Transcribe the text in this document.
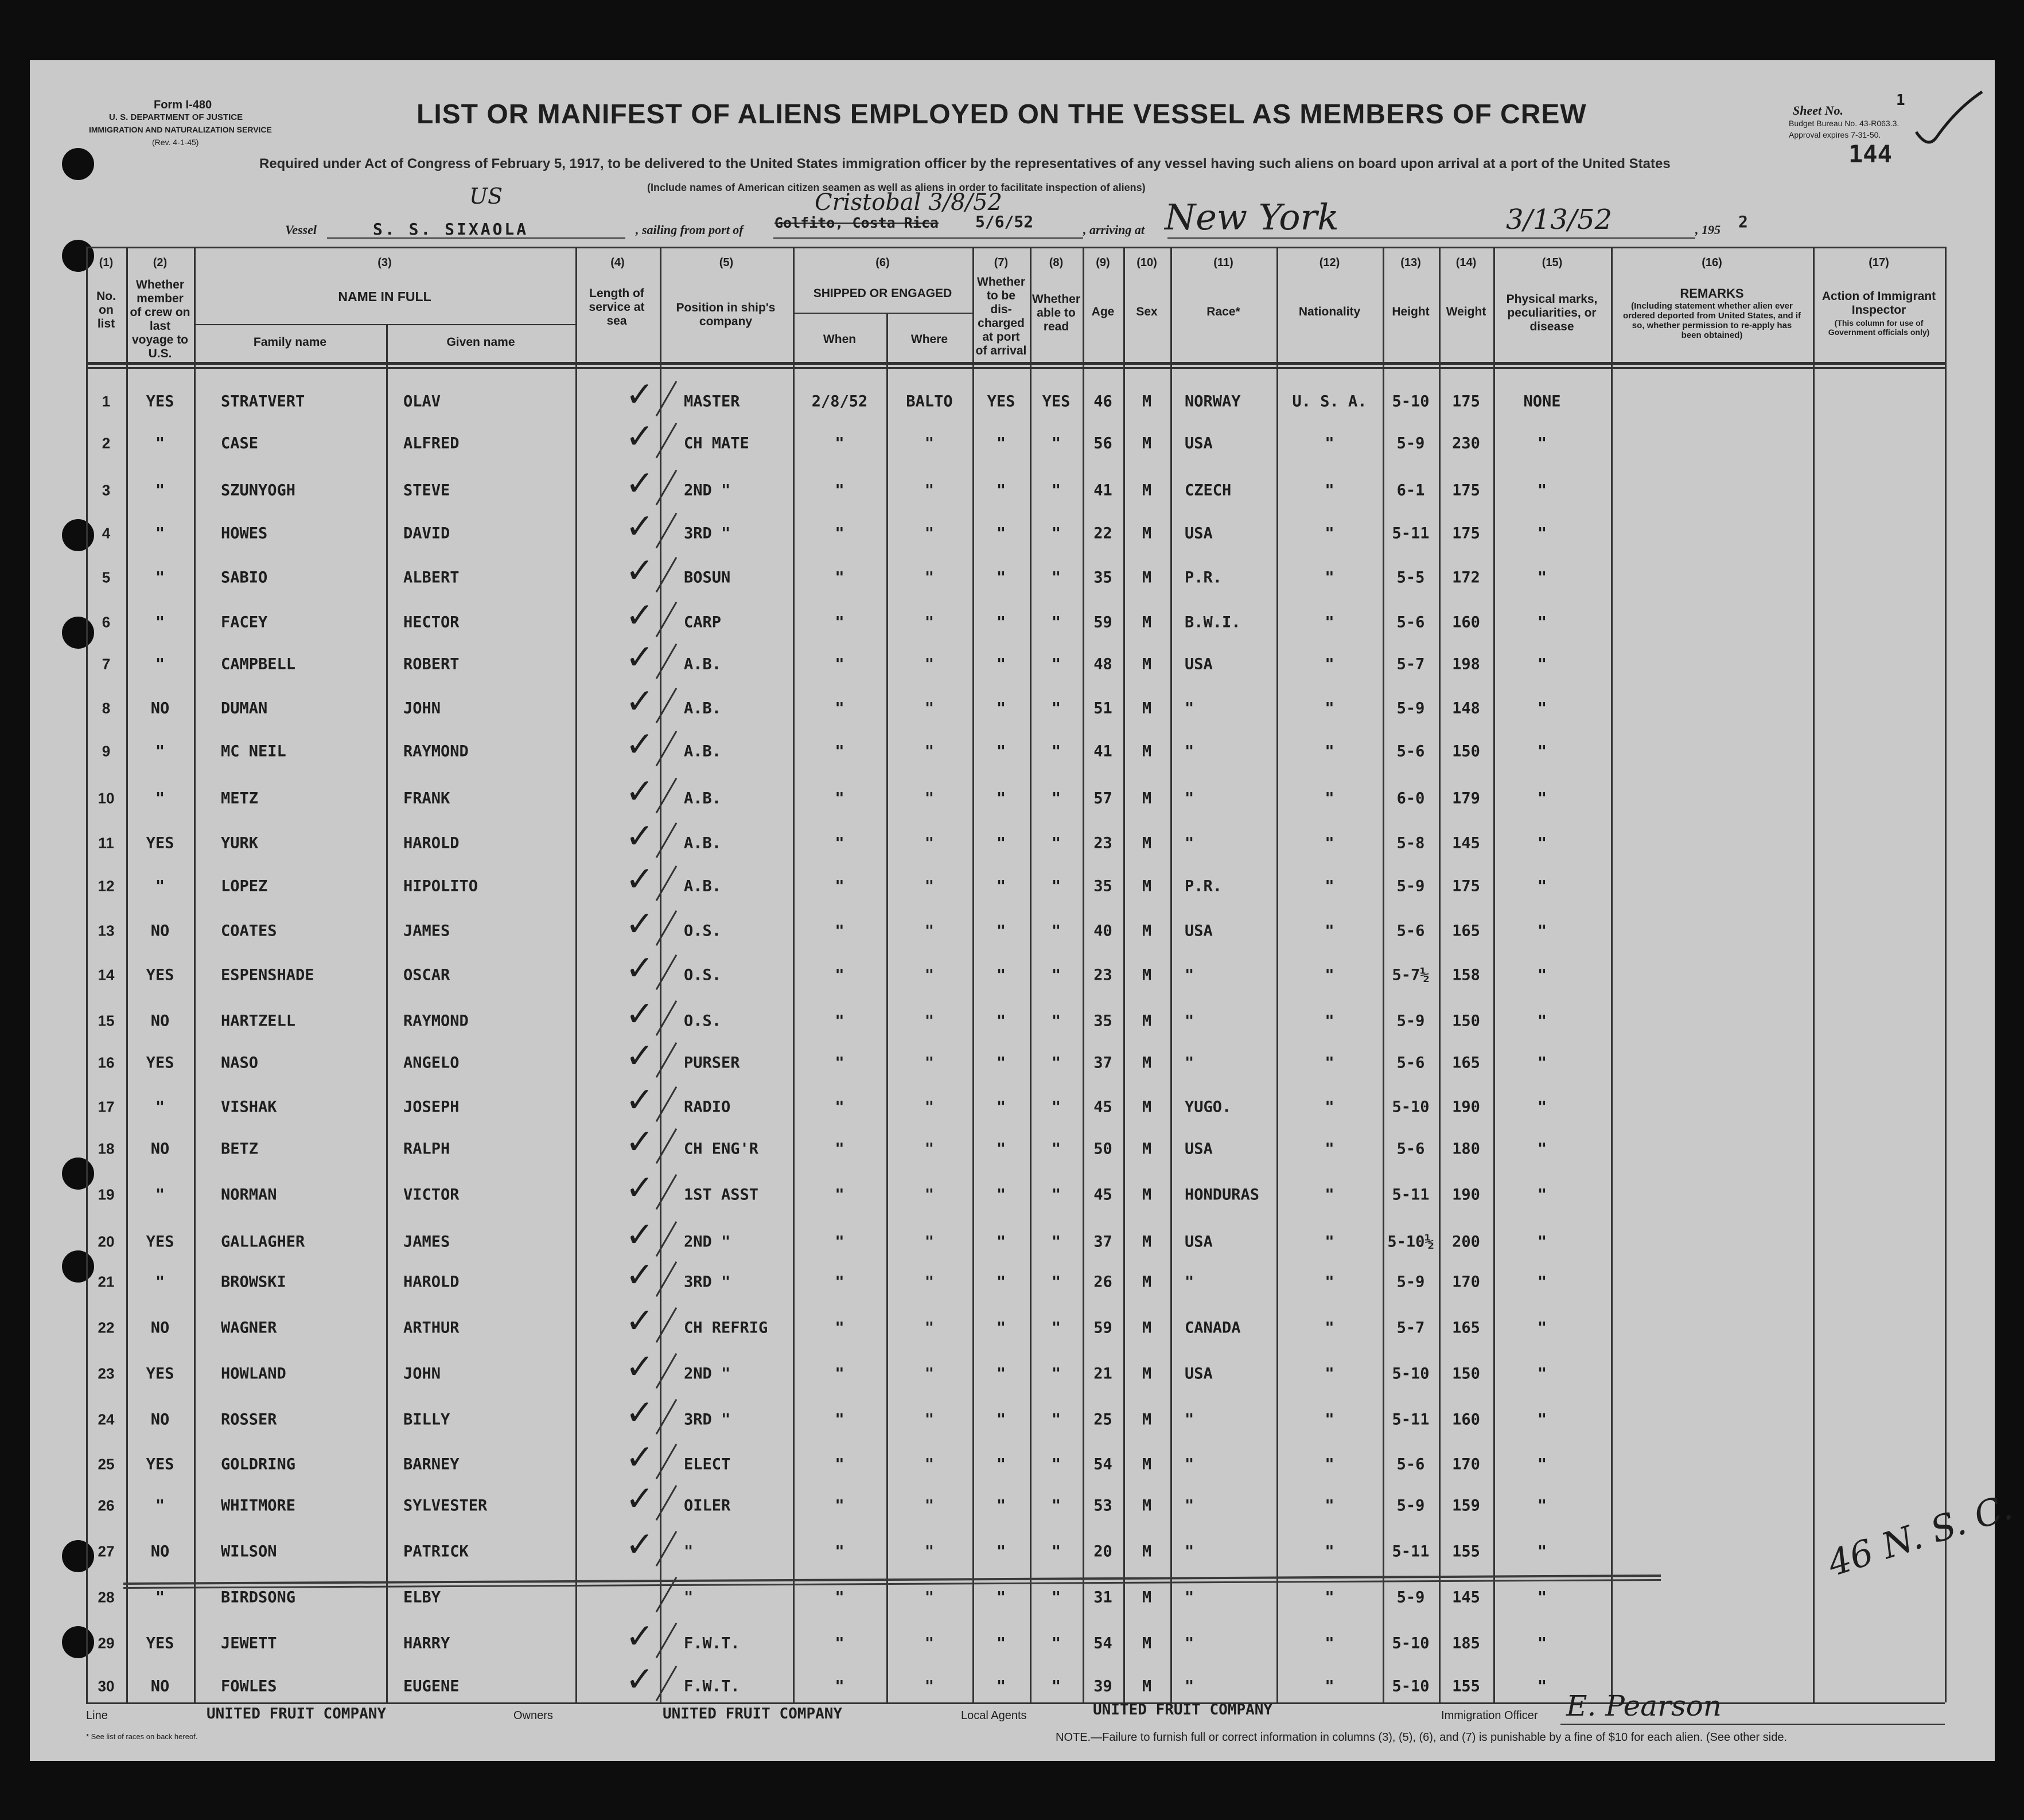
Form I-480
U. S. DEPARTMENT OF JUSTICE
IMMIGRATION AND NATURALIZATION SERVICE
(Rev. 4-1-45)
LIST OR MANIFEST OF ALIENS EMPLOYED ON THE VESSEL AS MEMBERS OF CREW
Required under Act of Congress of February 5, 1917, to be delivered to the United States immigration officer by the representatives of any vessel having such aliens on board upon arrival at a port of the United States
(Include names of American citizen seamen as well as aliens in order to facilitate inspection of aliens)
Sheet No.
1
Budget Bureau No. 43-R063.3.
Approval expires 7-31-50.
144
Vessel	S. S. SIXAOLA
US
, sailing from port of Golfito, Costa Rica 5/6/52
Cristobal 3/8/52
, arriving at New York	3/13/52	, 195 2
(1)	(2)	(3)	(4)	(5)	(6)	(7)	(8)	(9)	(10)	(11)	(12)	(13)	(14)	(15)	(16)	(17)
No. on list
Whether member of crew on last voyage to U.S.
NAME IN FULL
Family name	Given name
Length of service at sea
Position in ship's company
SHIPPED OR ENGAGED
When	Where
Whether to be dis-charged at port of arrival
Whether able to read
Age	Sex	Race*	Nationality	Height	Weight
Physical marks, peculiarities, or disease
REMARKS
(Including statement whether alien ever ordered deported from United States, and if so, whether permission to re-apply has been obtained)
Action of Immigrant Inspector
(This column for use of Government officials only)
1	YES	STRATVERT	OLAV	MASTER	2/8/52	BALTO	YES	YES	46	M	NORWAY	U. S. A.	5-10	175	NONE
✓
2	"	CASE	ALFRED	CH MATE	"	"	"	"	56	M	USA	"	5-9	230	"
✓
3	"	SZUNYOGH	STEVE	2ND "	"	"	"	"	41	M	CZECH	"	6-1	175	"
✓
4	"	HOWES	DAVID	3RD "	"	"	"	"	22	M	USA	"	5-11	175	"
✓
5	"	SABIO	ALBERT	BOSUN	"	"	"	"	35	M	P.R.	"	5-5	172	"
✓
6	"	FACEY	HECTOR	CARP	"	"	"	"	59	M	B.W.I.	"	5-6	160	"
✓
7	"	CAMPBELL	ROBERT	A.B.	"	"	"	"	48	M	USA	"	5-7	198	"
✓
8	NO	DUMAN	JOHN	A.B.	"	"	"	"	51	M	"	"	5-9	148	"
✓
9	"	MC NEIL	RAYMOND	A.B.	"	"	"	"	41	M	"	"	5-6	150	"
✓
10	"	METZ	FRANK	A.B.	"	"	"	"	57	M	"	"	6-0	179	"
✓
11	YES	YURK	HAROLD	A.B.	"	"	"	"	23	M	"	"	5-8	145	"
✓
12	"	LOPEZ	HIPOLITO	A.B.	"	"	"	"	35	M	P.R.	"	5-9	175	"
✓
13	NO	COATES	JAMES	O.S.	"	"	"	"	40	M	USA	"	5-6	165	"
✓
14	YES	ESPENSHADE	OSCAR	O.S.	"	"	"	"	23	M	"	"	5-7½	158	"
✓
15	NO	HARTZELL	RAYMOND	O.S.	"	"	"	"	35	M	"	"	5-9	150	"
✓
16	YES	NASO	ANGELO	PURSER	"	"	"	"	37	M	"	"	5-6	165	"
✓
17	"	VISHAK	JOSEPH	RADIO	"	"	"	"	45	M	YUGO.	"	5-10	190	"
✓
18	NO	BETZ	RALPH	CH ENG'R	"	"	"	"	50	M	USA	"	5-6	180	"
✓
19	"	NORMAN	VICTOR	1ST ASST	"	"	"	"	45	M	HONDURAS	"	5-11	190	"
✓
20	YES	GALLAGHER	JAMES	2ND "	"	"	"	"	37	M	USA	"	5-10½	200	"
✓
21	"	BROWSKI	HAROLD	3RD "	"	"	"	"	26	M	"	"	5-9	170	"
✓
22	NO	WAGNER	ARTHUR	CH REFRIG	"	"	"	"	59	M	CANADA	"	5-7	165	"
✓
23	YES	HOWLAND	JOHN	2ND "	"	"	"	"	21	M	USA	"	5-10	150	"
✓
24	NO	ROSSER	BILLY	3RD "	"	"	"	"	25	M	"	"	5-11	160	"
✓
25	YES	GOLDRING	BARNEY	ELECT	"	"	"	"	54	M	"	"	5-6	170	"
✓
26	"	WHITMORE	SYLVESTER	OILER	"	"	"	"	53	M	"	"	5-9	159	"
✓
27	NO	WILSON	PATRICK	"	"	"	"	"	20	M	"	"	5-11	155	"
✓
28	"	BIRDSONG	ELBY	"	"	"	"	"	31	M	"	"	5-9	145	"
29	YES	JEWETT	HARRY	F.W.T.	"	"	"	"	54	M	"	"	5-10	185	"
✓
30	NO	FOWLES	EUGENE	F.W.T.	"	"	"	"	39	M	"	"	5-10	155	"
✓
46 N. S. C.
Line	UNITED FRUIT COMPANY	Owners	UNITED FRUIT COMPANY	Local Agents	UNITED FRUIT COMPANY	Immigration Officer E. Pearson
* See list of races on back hereof.	NOTE.—Failure to furnish full or correct information in columns (3), (5), (6), and (7) is punishable by a fine of $10 for each alien. (See other side.
